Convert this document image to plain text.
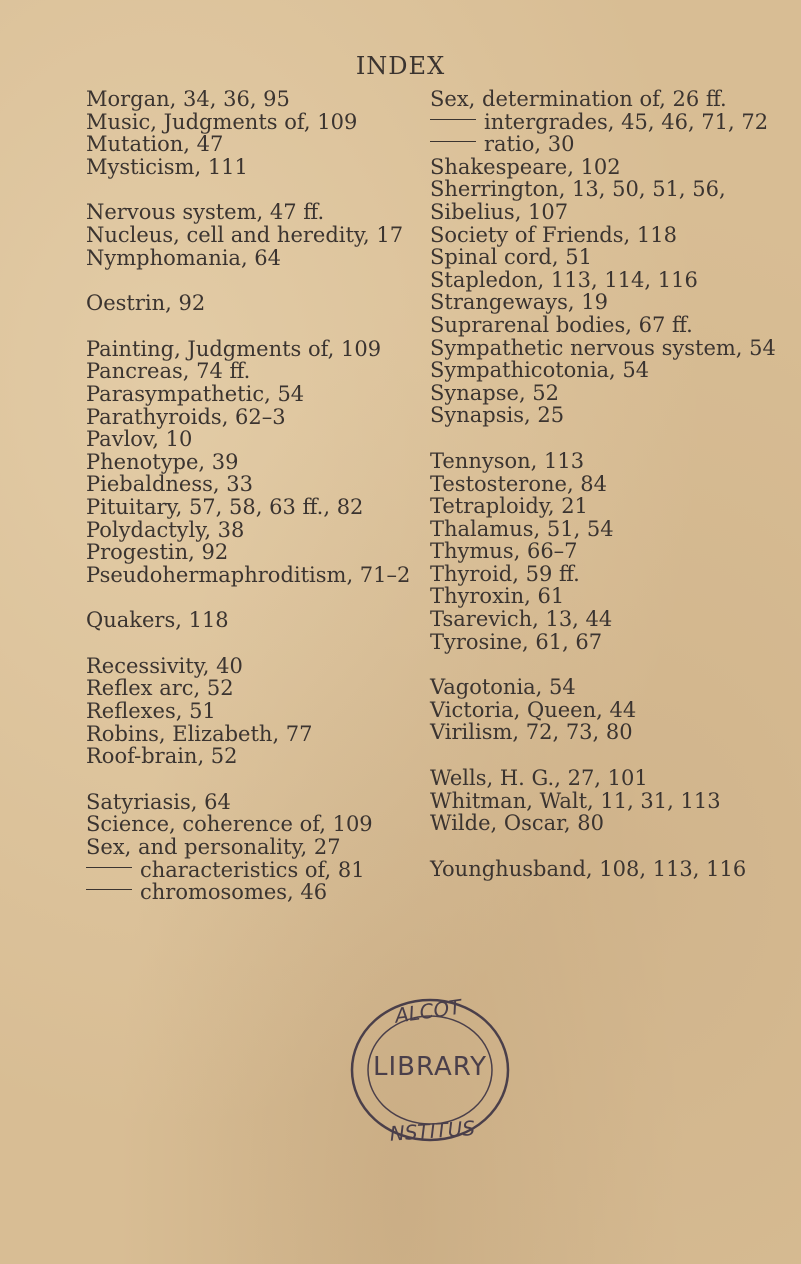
INDEX
Morgan, 34, 36, 95
Music, Judgments of, 109
Mutation, 47
Mysticism, 111
Nervous system, 47 ff.
Nucleus, cell and heredity, 17
Nymphomania, 64
Oestrin, 92
Painting, Judgments of, 109
Pancreas, 74 ff.
Parasympathetic, 54
Parathyroids, 62–3
Pavlov, 10
Phenotype, 39
Piebaldness, 33
Pituitary, 57, 58, 63 ff., 82
Polydactyly, 38
Progestin, 92
Pseudohermaphroditism, 71–2
Quakers, 118
Recessivity, 40
Reflex arc, 52
Reflexes, 51
Robins, Elizabeth, 77
Roof-brain, 52
Satyriasis, 64
Science, coherence of, 109
Sex, and personality, 27
characteristics of, 81
chromosomes, 46
Sex, determination of, 26 ff.
intergrades, 45, 46, 71, 72
ratio, 30
Shakespeare, 102
Sherrington, 13, 50, 51, 56,
Sibelius, 107
Society of Friends, 118
Spinal cord, 51
Stapledon, 113, 114, 116
Strangeways, 19
Suprarenal bodies, 67 ff.
Sympathetic nervous system, 54
Sympathicotonia, 54
Synapse, 52
Synapsis, 25
Tennyson, 113
Testosterone, 84
Tetraploidy, 21
Thalamus, 51, 54
Thymus, 66–7
Thyroid, 59 ff.
Thyroxin, 61
Tsarevich, 13, 44
Tyrosine, 61, 67
Vagotonia, 54
Victoria, Queen, 44
Virilism, 72, 73, 80
Wells, H. G., 27, 101
Whitman, Walt, 11, 31, 113
Wilde, Oscar, 80
Younghusband, 108, 113, 116
ALCOT
NSTITUS
LIBRARY
